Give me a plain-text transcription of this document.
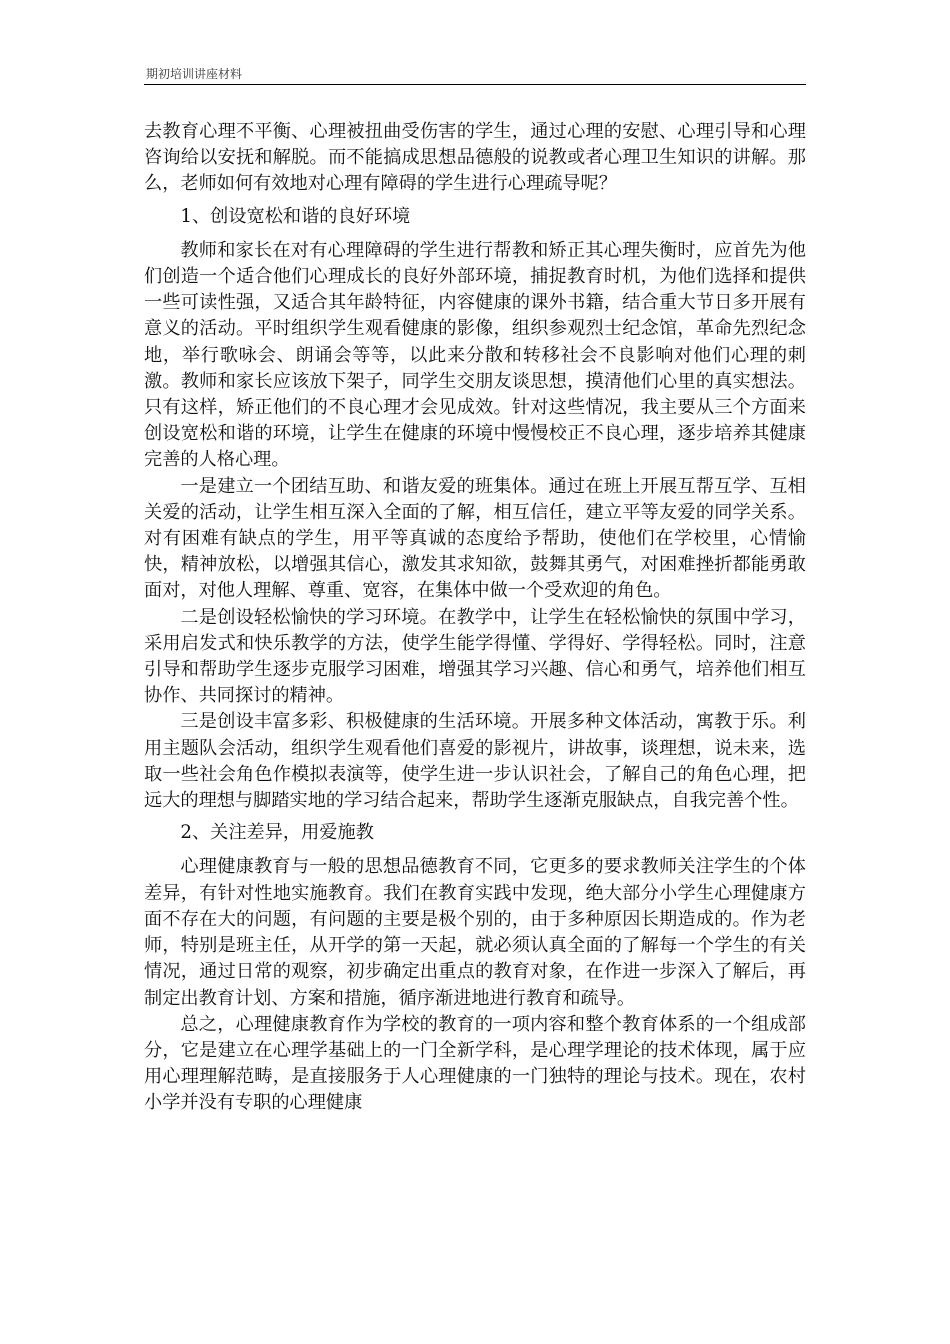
期初培训讲座材料

去教育心理不平衡、心理被扭曲受伤害的学生，通过心理的安慰、心理引导和心理咨询给以安抚和解脱。而不能搞成思想品德般的说教或者心理卫生知识的讲解。那么，老师如何有效地对心理有障碍的学生进行心理疏导呢？

1、创设宽松和谐的良好环境

教师和家长在对有心理障碍的学生进行帮教和矫正其心理失衡时，应首先为他们创造一个适合他们心理成长的良好外部环境，捕捉教育时机，为他们选择和提供一些可读性强，又适合其年龄特征，内容健康的课外书籍，结合重大节日多开展有意义的活动。平时组织学生观看健康的影像，组织参观烈士纪念馆，革命先烈纪念地，举行歌咏会、朗诵会等等，以此来分散和转移社会不良影响对他们心理的刺激。教师和家长应该放下架子，同学生交朋友谈思想，摸清他们心里的真实想法。只有这样，矫正他们的不良心理才会见成效。针对这些情况，我主要从三个方面来创设宽松和谐的环境，让学生在健康的环境中慢慢校正不良心理，逐步培养其健康完善的人格心理。

一是建立一个团结互助、和谐友爱的班集体。通过在班上开展互帮互学、互相关爱的活动，让学生相互深入全面的了解，相互信任，建立平等友爱的同学关系。对有困难有缺点的学生，用平等真诚的态度给予帮助，使他们在学校里，心情愉快，精神放松，以增强其信心，激发其求知欲，鼓舞其勇气，对困难挫折都能勇敢面对，对他人理解、尊重、宽容，在集体中做一个受欢迎的角色。

二是创设轻松愉快的学习环境。在教学中，让学生在轻松愉快的氛围中学习，采用启发式和快乐教学的方法，使学生能学得懂、学得好、学得轻松。同时，注意引导和帮助学生逐步克服学习困难，增强其学习兴趣、信心和勇气，培养他们相互协作、共同探讨的精神。

三是创设丰富多彩、积极健康的生活环境。开展多种文体活动，寓教于乐。利用主题队会活动，组织学生观看他们喜爱的影视片，讲故事，谈理想，说未来，选取一些社会角色作模拟表演等，使学生进一步认识社会，了解自己的角色心理，把远大的理想与脚踏实地的学习结合起来，帮助学生逐渐克服缺点，自我完善个性。

2、关注差异，用爱施教

心理健康教育与一般的思想品德教育不同，它更多的要求教师关注学生的个体差异，有针对性地实施教育。我们在教育实践中发现，绝大部分小学生心理健康方面不存在大的问题，有问题的主要是极个别的，由于多种原因长期造成的。作为老师，特别是班主任，从开学的第一天起，就必须认真全面的了解每一个学生的有关情况，通过日常的观察，初步确定出重点的教育对象，在作进一步深入了解后，再制定出教育计划、方案和措施，循序渐进地进行教育和疏导。

总之，心理健康教育作为学校的教育的一项内容和整个教育体系的一个组成部分，它是建立在心理学基础上的一门全新学科，是心理学理论的技术体现，属于应用心理理解范畴，是直接服务于人心理健康的一门独特的理论与技术。现在，农村小学并没有专职的心理健康
